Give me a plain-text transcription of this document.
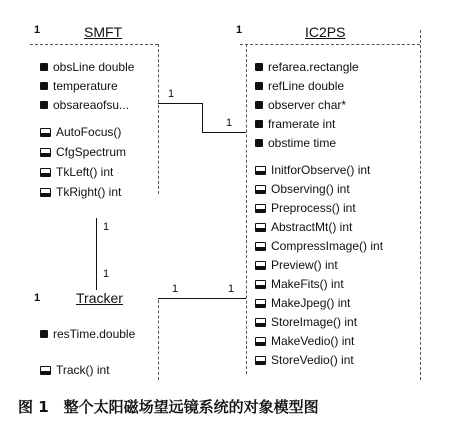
1	SMFT
obsLine double
temperature
obsareaofsu...
AutoFocus()
CfgSpectrum
TkLeft() int
TkRight() int
1	IC2PS
refarea.rectangle
refLine double
observer char*
framerate int
obstime time
InitforObserve() int
Observing() int
Preprocess() int
AbstractMt() int
CompressImage() int
Preview() int
MakeFits() int
MakeJpeg() int
StoreImage() int
MakeVedio() int
StoreVedio() int
1	Tracker
resTime.double
Track() int
1
1
1
1
1	1
图 1　整个太阳磁场望远镜系统的对象模型图
